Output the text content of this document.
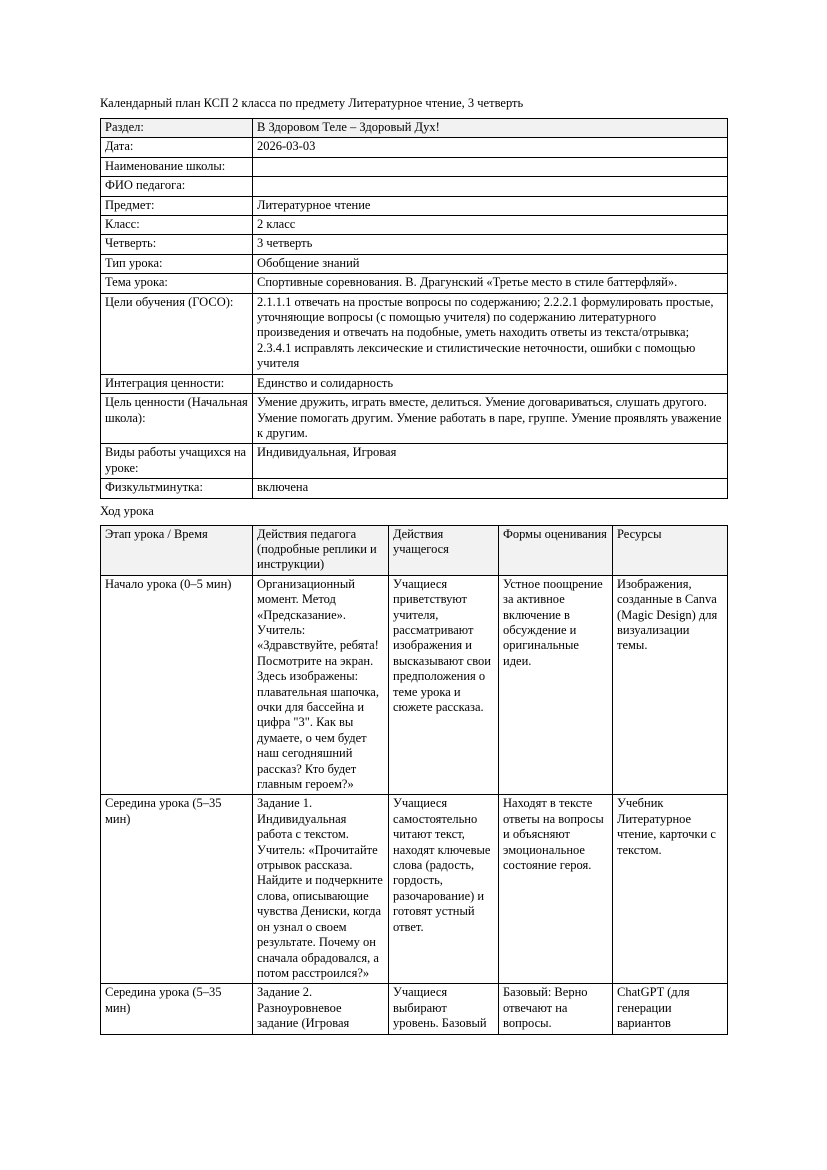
Календарный план КСП 2 класса по предмету Литературное чтение, 3 четверть

Раздел:	В Здоровом Теле – Здоровый Дух!
Дата:	2026-03-03
Наименование школы:	
ФИО педагога:	
Предмет:	Литературное чтение
Класс:	2 класс
Четверть:	3 четверть
Тип урока:	Обобщение знаний
Тема урока:	Спортивные соревнования. В. Драгунский «Третье место в стиле баттерфляй».
Цели обучения (ГОСО):	2.1.1.1 отвечать на простые вопросы по содержанию; 2.2.2.1 формулировать простые, уточняющие вопросы (с помощью учителя) по содержанию литературного произведения и отвечать на подобные, уметь находить ответы из текста/отрывка; 2.3.4.1 исправлять лексические и стилистические неточности, ошибки с помощью учителя
Интеграция ценности:	Единство и солидарность
Цель ценности (Начальная школа):	Умение дружить, играть вместе, делиться. Умение договариваться, слушать другого. Умение помогать другим. Умение работать в паре, группе. Умение проявлять уважение к другим.
Виды работы учащихся на уроке:	Индивидуальная, Игровая
Физкультминутка:	включена

Ход урока

Этап урока / Время	Действия педагога (подробные реплики и инструкции)	Действия учащегося	Формы оценивания	Ресурсы
Начало урока (0–5 мин)	Организационный момент. Метод «Предсказание». Учитель: «Здравствуйте, ребята! Посмотрите на экран. Здесь изображены: плавательная шапочка, очки для бассейна и цифра "3". Как вы думаете, о чем будет наш сегодняшний рассказ? Кто будет главным героем?»	Учащиеся приветствуют учителя, рассматривают изображения и высказывают свои предположения о теме урока и сюжете рассказа.	Устное поощрение за активное включение в обсуждение и оригинальные идеи.	Изображения, созданные в Canva (Magic Design) для визуализации темы.
Середина урока (5–35 мин)	Задание 1. Индивидуальная работа с текстом. Учитель: «Прочитайте отрывок рассказа. Найдите и подчеркните слова, описывающие чувства Дениски, когда он узнал о своем результате. Почему он сначала обрадовался, а потом расстроился?»	Учащиеся самостоятельно читают текст, находят ключевые слова (радость, гордость, разочарование) и готовят устный ответ.	Находят в тексте ответы на вопросы и объясняют эмоциональное состояние героя.	Учебник Литературное чтение, карточки с текстом.
Середина урока (5–35 мин)	Задание 2. Разноуровневое задание (Игровая	Учащиеся выбирают уровень. Базовый	Базовый: Верно отвечают на вопросы.	ChatGPT (для генерации вариантов
